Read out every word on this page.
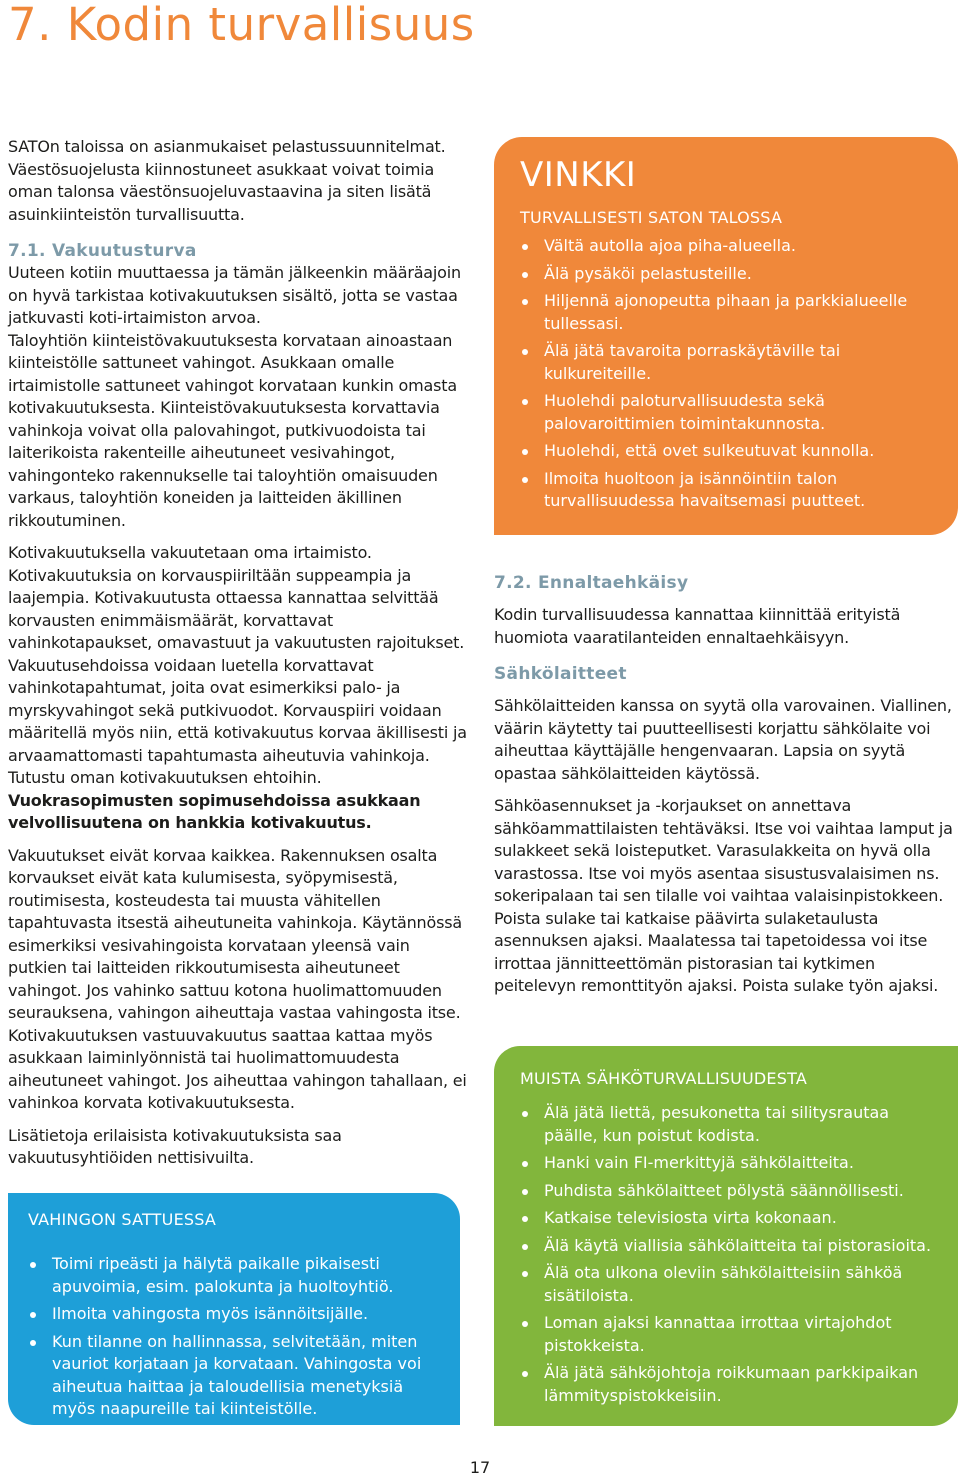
7. Kodin turvallisuus

SATOn taloissa on asianmukaiset pelastussuunnitelmat. Väestösuojelusta kiinnostuneet asukkaat voivat toimia oman talonsa väestönsuojeluvastaavina ja siten lisätä asuinkiinteistön turvallisuutta.

7.1. Vakuutusturva

Uuteen kotiin muuttaessa ja tämän jälkeenkin määräajoin on hyvä tarkistaa kotivakuutuksen sisältö, jotta se vastaa jatkuvasti koti-irtaimiston arvoa.

Taloyhtiön kiinteistövakuutuksesta korvataan ainoastaan kiinteistölle sattuneet vahingot. Asukkaan omalle irtaimistolle sattuneet vahingot korvataan kunkin omasta kotivakuutuksesta. Kiinteistövakuutuksesta korvattavia vahinkoja voivat olla palovahingot, putkivuodoista tai laiterikoista rakenteille aiheutuneet vesivahingot, vahingonteko rakennukselle tai taloyhtiön omaisuuden varkaus, taloyhtiön koneiden ja laitteiden äkillinen rikkoutuminen.

Kotivakuutuksella vakuutetaan oma irtaimisto. Kotivakuutuksia on korvauspiiriltään suppeampia ja laajempia. Kotivakuutusta ottaessa kannattaa selvittää korvausten enimmäismäärät, korvattavat vahinkotapaukset, omavastuut ja vakuutusten rajoitukset. Vakuutusehdoissa voidaan luetella korvattavat vahinkotapahtumat, joita ovat esimerkiksi palo- ja myrskyvahingot sekä putkivuodot. Korvauspiiri voidaan määritellä myös niin, että kotivakuutus korvaa äkillisesti ja arvaamattomasti tapahtumasta aiheutuvia vahinkoja. Tutustu oman kotivakuutuksen ehtoihin. Vuokrasopimusten sopimusehdoissa asukkaan velvollisuutena on hankkia kotivakuutus.

Vakuutukset eivät korvaa kaikkea. Rakennuksen osalta korvaukset eivät kata kulumisesta, syöpymisestä, routimisesta, kosteudesta tai muusta vähitellen tapahtuvasta itsestä aiheutuneita vahinkoja. Käytännössä esimerkiksi vesivahingoista korvataan yleensä vain putkien tai laitteiden rikkoutumisesta aiheutuneet vahingot. Jos vahinko sattuu kotona huolimattomuuden seurauksena, vahingon aiheuttaja vastaa vahingosta itse. Kotivakuutuksen vastuuvakuutus saattaa kattaa myös asukkaan laiminlyönnistä tai huolimattomuudesta aiheutuneet vahingot. Jos aiheuttaa vahingon tahallaan, ei vahinkoa korvata kotivakuutuksesta.

Lisätietoja erilaisista kotivakuutuksista saa vakuutusyhtiöiden nettisivuilta.

VAHINGON SATTUESSA
Toimi ripeästi ja hälytä paikalle pikaisesti apuvoimia, esim. palokunta ja huoltoyhtiö.
Ilmoita vahingosta myös isännöitsijälle.
Kun tilanne on hallinnassa, selvitetään, miten vauriot korjataan ja korvataan. Vahingosta voi aiheutua haittaa ja taloudellisia menetyksiä myös naapureille tai kiinteistölle.
VINKKI
TURVALLISESTI SATON TALOSSA
Vältä autolla ajoa piha-alueella.
Älä pysäköi pelastusteille.
Hiljennä ajonopeutta pihaan ja parkkialueelle tullessasi.
Älä jätä tavaroita porraskäytäville tai kulkureiteille.
Huolehdi paloturvallisuudesta sekä palovaroittimien toimintakunnosta.
Huolehdi, että ovet sulkeutuvat kunnolla.
Ilmoita huoltoon ja isännöintiin talon turvallisuudessa havaitsemasi puutteet.
7.2. Ennaltaehkäisy

Kodin turvallisuudessa kannattaa kiinnittää erityistä huomiota vaaratilanteiden ennaltaehkäisyyn.

Sähkölaitteet

Sähkölaitteiden kanssa on syytä olla varovainen. Viallinen, väärin käytetty tai puutteellisesti korjattu sähkölaite voi aiheuttaa käyttäjälle hengenvaaran. Lapsia on syytä opastaa sähkölaitteiden käytössä.

Sähköasennukset ja -korjaukset on annettava sähköammattilaisten tehtäväksi. Itse voi vaihtaa lamput ja sulakkeet sekä loisteputket. Varasulakkeita on hyvä olla varastossa. Itse voi myös asentaa sisustusvalaisimen ns. sokeripalaan tai sen tilalle voi vaihtaa valaisinpistokkeen. Poista sulake tai katkaise päävirta sulaketaulusta asennuksen ajaksi. Maalatessa tai tapetoidessa voi itse irrottaa jännitteettömän pistorasian tai kytkimen peitelevyn remonttityön ajaksi. Poista sulake työn ajaksi.

MUISTA SÄHKÖTURVALLISUUDESTA
Älä jätä liettä, pesukonetta tai silitysrautaa päälle, kun poistut kodista.
Hanki vain FI-merkittyjä sähkölaitteita.
Puhdista sähkölaitteet pölystä säännöllisesti.
Katkaise televisiosta virta kokonaan.
Älä käytä viallisia sähkölaitteita tai pistorasioita.
Älä ota ulkona oleviin sähkölaitteisiin sähköä sisätiloista.
Loman ajaksi kannattaa irrottaa virtajohdot pistokkeista.
Älä jätä sähköjohtoja roikkumaan parkkipaikan lämmityspistokkeisiin.
17
